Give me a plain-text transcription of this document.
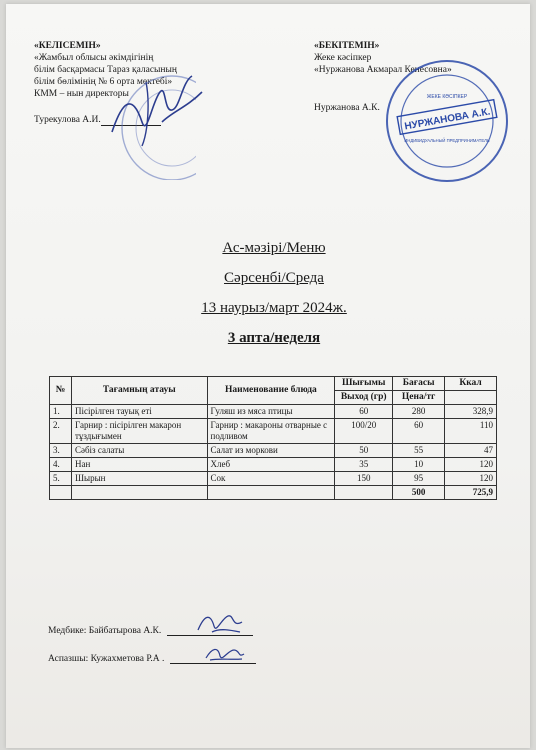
«КЕЛІСЕМІН»
«Жамбыл облысы әкімдігінің
білім басқармасы Тараз қаласының
білім бөлімінің № 6 орта мектебі»
КММ – нын директоры
Турекулова А.И.
«БЕКІТЕМІН»
Жеке кәсіпкер
«Нуржанова Акмарал Кенесовна»
Нуржанова А.К.	НУРЖАНОВА А.К.
ЖЕКЕ КӘСІПКЕР
ИНДИВИДУАЛЬНЫЙ ПРЕДПРИНИМАТЕЛЬ
Ас-мәзірі/Меню
Сәрсенбі/Среда
13 наурыз/март 2024ж.
3 апта/неделя
№	Тағамның атауы	Наименование блюда	Шығымы	Бағасы	Ккал
			Выход (гр)	Цена/тг	
1.	Пісірілген тауық еті	Гуляш из мяса птицы	60	280	328,9
2.	Гарнир : пісірілген макарон тұздығымен	Гарнир : макароны отварные с подливом	100/20	60	110
3.	Сәбіз салаты	Салат из моркови	50	55	47
4.	Нан	Хлеб	35	10	120
5.	Шырын	Сок	150	95	120
				500	725,9
Медбике: Байбатырова А.К.
Аспазшы: Кужахметова Р.А .
